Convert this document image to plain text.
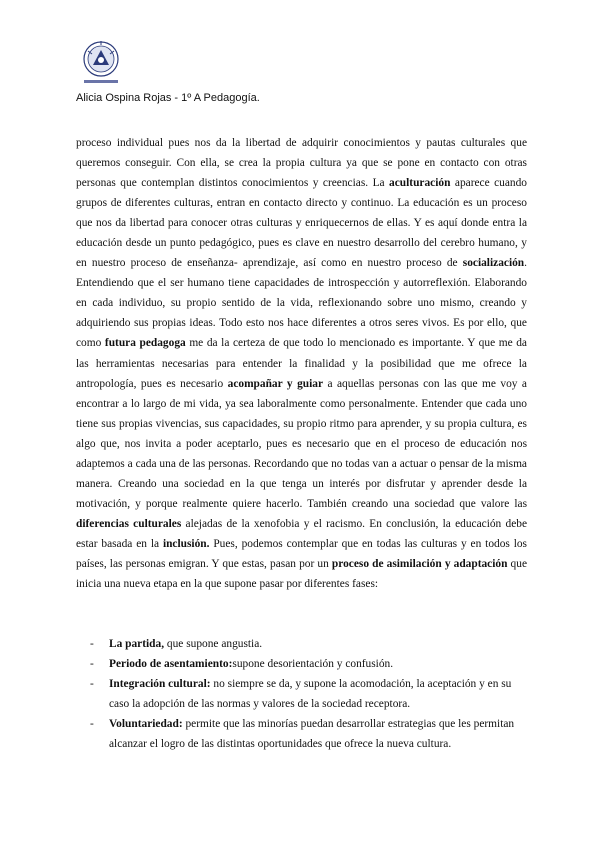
Alicia Ospina Rojas - 1º A Pedagogía.

proceso individual pues nos da la libertad de adquirir conocimientos y pautas culturales que queremos conseguir. Con ella, se crea la propia cultura ya que se pone en contacto con otras personas que contemplan distintos conocimientos y creencias. La aculturación aparece cuando grupos de diferentes culturas, entran en contacto directo y continuo. La educación es un proceso que nos da libertad para conocer otras culturas y enriquecernos de ellas. Y es aquí donde entra la educación desde un punto pedagógico, pues es clave en nuestro desarrollo del cerebro humano, y en nuestro proceso de enseñanza- aprendizaje, así como en nuestro proceso de socialización. Entendiendo que el ser humano tiene capacidades de introspección y autorreflexión. Elaborando en cada individuo, su propio sentido de la vida, reflexionando sobre uno mismo, creando y adquiriendo sus propias ideas. Todo esto nos hace diferentes a otros seres vivos. Es por ello, que como futura pedagoga me da la certeza de que todo lo mencionado es importante. Y que me da las herramientas necesarias para entender la finalidad y la posibilidad que me ofrece la antropología, pues es necesario acompañar y guiar a aquellas personas con las que me voy a encontrar a lo largo de mi vida, ya sea laboralmente como personalmente. Entender que cada uno tiene sus propias vivencias, sus capacidades, su propio ritmo para aprender, y su propia cultura, es algo que, nos invita a poder aceptarlo, pues es necesario que en el proceso de educación nos adaptemos a cada una de las personas. Recordando que no todas van a actuar o pensar de la misma manera. Creando una sociedad en la que tenga un interés por disfrutar y aprender desde la motivación, y porque realmente quiere hacerlo. También creando una sociedad que valore las diferencias culturales alejadas de la xenofobia y el racismo. En conclusión, la educación debe estar basada en la inclusión. Pues, podemos contemplar que en todas las culturas y en todos los países, las personas emigran. Y que estas, pasan por un proceso de asimilación y adaptación que inicia una nueva etapa en la que supone pasar por diferentes fases:

- La partida, que supone angustia.
- Periodo de asentamiento:supone desorientación y confusión.
- Integración cultural: no siempre se da, y supone la acomodación, la aceptación y en su caso la adopción de las normas y valores de la sociedad receptora.
- Voluntariedad: permite que las minorías puedan desarrollar estrategias que les permitan alcanzar el logro de las distintas oportunidades que ofrece la nueva cultura.
